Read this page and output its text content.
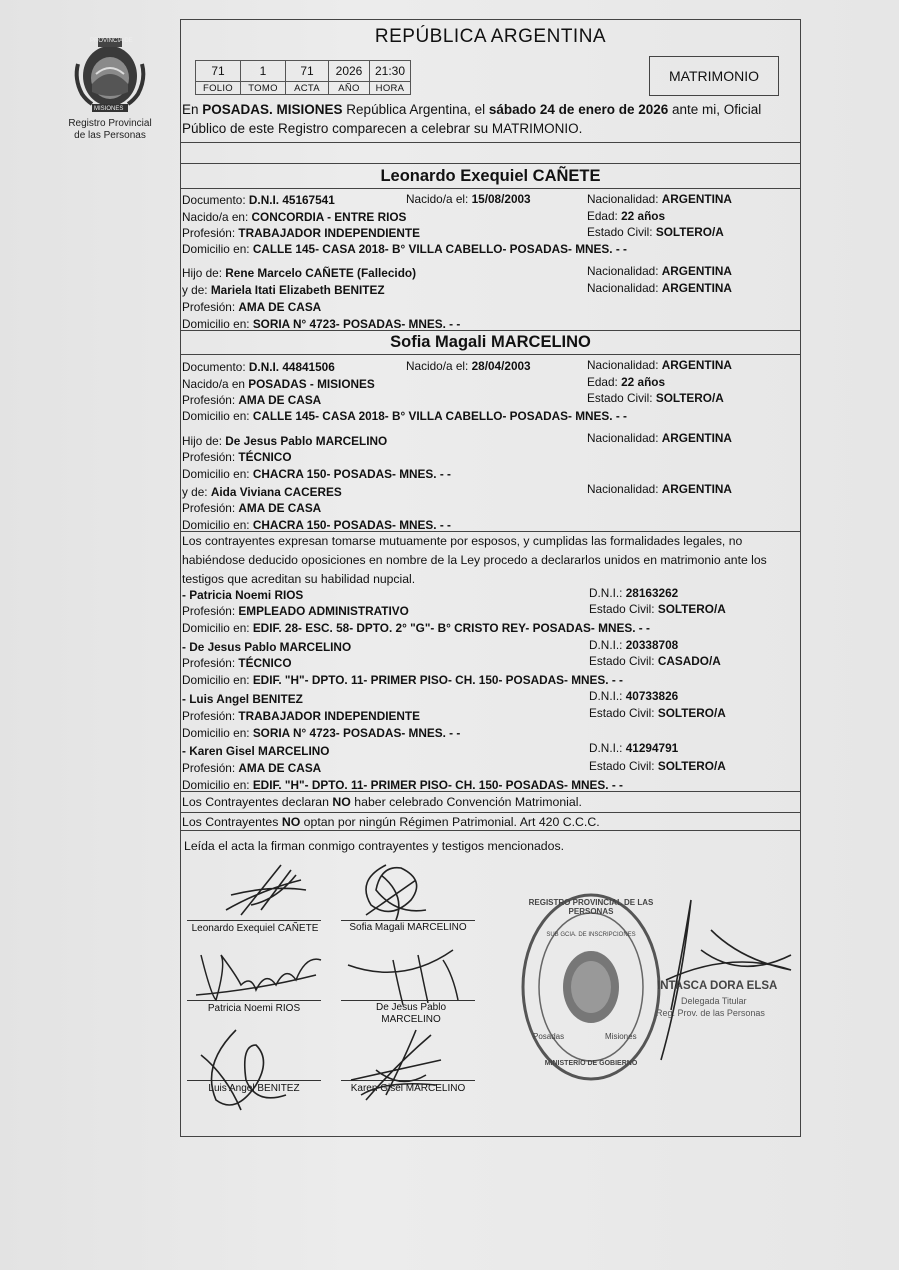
PROVINCIA DE
MISIONES
Registro Provincial
de las Personas
REPÚBLICA ARGENTINA
71	1	71	2026	21:30
FOLIO	TOMO	ACTA	AÑO	HORA
MATRIMONIO
En POSADAS. MISIONES República Argentina, el sábado 24 de enero de 2026 ante mi, Oficial Público de este Registro comparecen a celebrar su MATRIMONIO.
Leonardo Exequiel CAÑETE
Documento: D.N.I. 45167541	Nacido/a el: 15/08/2003	Nacionalidad: ARGENTINA
Nacido/a en: CONCORDIA - ENTRE RIOS	Edad: 22 años
Profesión: TRABAJADOR INDEPENDIENTE	Estado Civil: SOLTERO/A
Domicilio en: CALLE 145- CASA 2018- B° VILLA CABELLO- POSADAS- MNES. - -
Hijo de: Rene Marcelo CAÑETE (Fallecido)	Nacionalidad: ARGENTINA
y de: Mariela Itati Elizabeth BENITEZ	Nacionalidad: ARGENTINA
Profesión: AMA DE CASA
Domicilio en: SORIA N° 4723- POSADAS- MNES. - -
Sofia Magali MARCELINO
Documento: D.N.I. 44841506	Nacido/a el: 28/04/2003	Nacionalidad: ARGENTINA
Nacido/a en POSADAS - MISIONES	Edad: 22 años
Profesión: AMA DE CASA	Estado Civil: SOLTERO/A
Domicilio en: CALLE 145- CASA 2018- B° VILLA CABELLO- POSADAS- MNES. - -
Hijo de: De Jesus Pablo MARCELINO	Nacionalidad: ARGENTINA
Profesión: TÉCNICO
Domicilio en: CHACRA 150- POSADAS- MNES. - -
y de: Aida Viviana CACERES	Nacionalidad: ARGENTINA
Profesión: AMA DE CASA
Domicilio en: CHACRA 150- POSADAS- MNES. - -
Los contrayentes expresan tomarse mutuamente por esposos, y cumplidas las formalidades legales, no habiéndose deducido oposiciones en nombre de la Ley procedo a declararlos unidos en matrimonio ante los testigos que acreditan su habilidad nupcial.
- Patricia Noemi RIOS	D.N.I.: 28163262
Profesión: EMPLEADO ADMINISTRATIVO	Estado Civil: SOLTERO/A
Domicilio en: EDIF. 28- ESC. 58- DPTO. 2° "G"- B° CRISTO REY- POSADAS- MNES. - -
- De Jesus Pablo MARCELINO	D.N.I.: 20338708
Profesión: TÉCNICO	Estado Civil: CASADO/A
Domicilio en: EDIF. "H"- DPTO. 11- PRIMER PISO- CH. 150- POSADAS- MNES. - -
- Luis Angel BENITEZ	D.N.I.: 40733826
Profesión: TRABAJADOR INDEPENDIENTE	Estado Civil: SOLTERO/A
Domicilio en: SORIA N° 4723- POSADAS- MNES. - -
- Karen Gisel MARCELINO	D.N.I.: 41294791
Profesión: AMA DE CASA	Estado Civil: SOLTERO/A
Domicilio en: EDIF. "H"- DPTO. 11- PRIMER PISO- CH. 150- POSADAS- MNES. - -
Los Contrayentes declaran NO haber celebrado Convención Matrimonial.
Los Contrayentes NO optan por ningún Régimen Patrimonial. Art 420 C.C.C.
Leída el acta la firman conmigo contrayentes y testigos mencionados.
Leonardo Exequiel CAÑETE	Sofia Magali MARCELINO
Patricia Noemi RIOS	De Jesus Pablo MARCELINO
Luis Angel BENITEZ	Karen Gisel MARCELINO
REGISTRO PROVINCIAL DE LAS PERSONAS
SUB GCIA. DE INSCRIPCIONES
Posadas	Misiones
MINISTERIO DE GOBIERNO
INTASCA DORA ELSA
Delegada Titular
Reg. Prov. de las Personas
